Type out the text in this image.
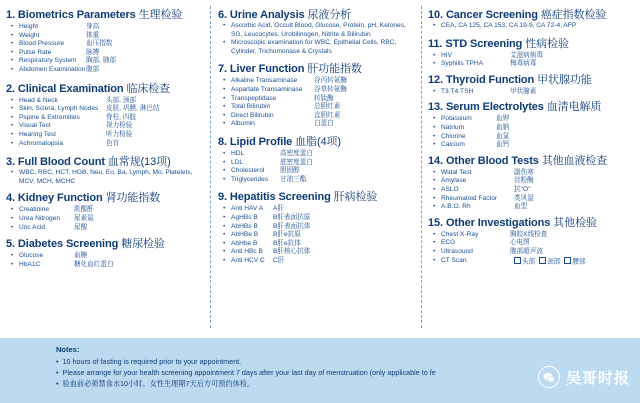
1. Biometrics Parameters 生理检验
• Height	身高
• Weight	体重
• Blood Pressure	血压指数
• Pulse Rate	脉搏
• Respiratory System 胸部, 肺部
• Abdomen Examination 腹部
2. Clinical Examination 临床检查
• Head & Neck	头部, 颈部
• Skin, Sclera, Lymph Nodes 皮肤, 巩膜, 淋巴结
• Pspine & Extremities	脊柱, 四肢
• Visual Test	视力检验
• Hearing Test	听力检验
• Achromatopsia	色盲
3. Full Blood Count 血常规(13项)
• WBC, RBC, HCT, HGB, Neu, Eo, Ba, Lymph, Mo, Platelets, MCV, MCH, MCHC
4. Kidney Function 肾功能指数
• Creatinine	肌酸酐
• Urea Nitrogen 尿素氮
• Uric Acid	尿酸
5. Diabetes Screening 糖尿检验
• Glucose	血糖
• HbA1C	糖化血红蛋白
6. Urine Analysis 尿液分析
• Ascorbic Acid, Occult Blood, Glucose, Protein, pH, Ketones, SG, Leucocytes, Urobilinogen, Nitrite & Bilirubin
• Microscopic examination for WBC, Epithelial Cells, RBC, Cylinder, Trichomonase & Crystals
7. Liver Function 肝功能指数
• Alkaline Transaminase	谷丙转氨酶
• Aspartate Transaminase 谷草转氨酶
• Transpeptidase	转肽酶
• Total Bilirubin	总胆红素
• Direct Bilirubin	直胆红素
• Albumin	白蛋白
8. Lipid Profile 血脂(4项)
• HDL	高密度蛋白
• LDL	底密度蛋白
• Cholesterol 胆固醇
• Triglycerides 甘油三酯
9. Hepatitis Screening 肝病检验
• Anti HAV A A肝
• AgHBs B B肝表面抗原
• AbHBs B B肝表面抗体
• AbHBe B B肝e抗原
• AbHbe B B肝e抗体
• Anti HBc B B肝核心抗体
• Anti HCV C C肝
10. Cancer Screening 癌症指数检验
• CEA, CA 125, CA 153, CA 19-9, CA 72-4, AFP
11. STD Screening 性病检验
• HIV	艾滋病病毒
• Syphilis TPHA	梅毒病毒
12. Thyroid Function 甲状腺功能
• T3.T4.TSH	甲状腺素
13. Serum Electrolytes 血清电解质
• Potassium	血钾
• Natrium	血钠
• Chlorine	血氯
• Calcium	血钙
14. Other Blood Tests 其他血液检查
• Widal Test	副伤寒
• Amylase	淀粉酶
• ASLO	抗"O"
• Rheumatoid Factor	类风湿
• A.B.O. Rh	血型
15. Other Investigations 其他检验
• Chest X-Ray	胸腔X线检查
• ECG	心电图
• Ultrasound	腹部超声波
• CT Scan	头部 颈部 腰部
Notes:
• 10 hours of fasting is required prior to your appointment.
• Please arrange for your health screening appointment 7 days after your last day of menstruation (only applicable to fe
• 验血前必须禁食水10小时。女性生理期7天后方可预约体检。	吴哥时报
